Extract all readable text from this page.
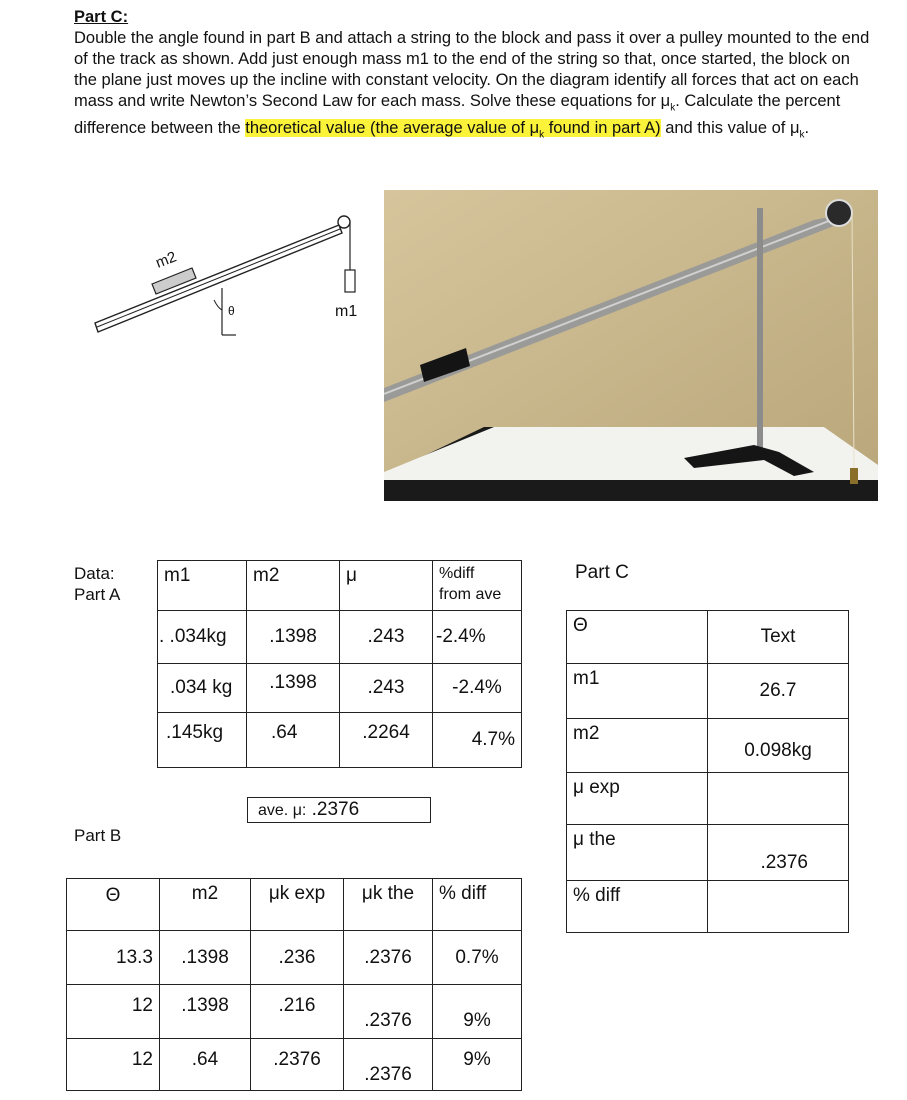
Part C:
Double the angle found in part B and attach a string to the block and pass it over a pulley mounted to the end of the track as shown. Add just enough mass m1 to the end of the string so that, once started, the block on the plane just moves up the incline with constant velocity. On the diagram identify all forces that act on each mass and write Newton’s Second Law for each mass. Solve these equations for $\mu_k$. Calculate the percent difference between the theoretical value (the average value of $\mu_k$ found in part A) and this value of $\mu_k$.
m1
m2
θ
Data:
Part A
m1	m2	μ	%diff
from ave

. .034kg	.1398	.243	-2.4%
.034 kg	.1398	.243	-2.4%
.145kg	.64	.2264	4.7%
ave. μ: .2376
Part B
Θ	m2	μk exp	μk the	% diff
13.3	.1398	.236	.2376	0.7%
12	.1398	.216	.2376	9%
12	.64	.2376	.2376	9%
Part C
Θ	Text
m1	26.7
m2	0.098kg
μ exp	
μ the	.2376
% diff	
